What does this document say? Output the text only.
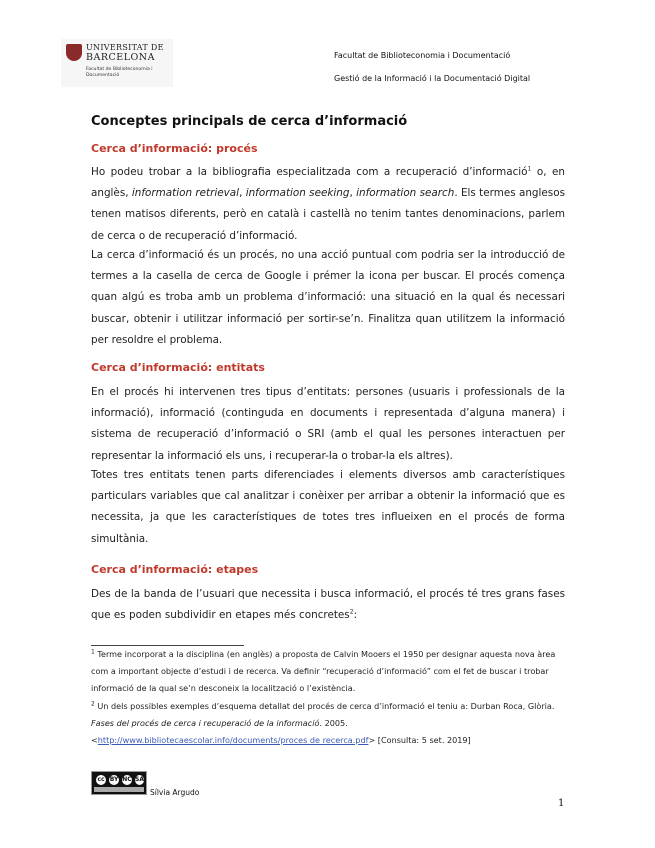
UNIVERSITAT DE
BARCELONA
Facultat de Biblioteconomia i Documentació
Facultat de Biblioteconomia i Documentació
Gestió de la Informació i la Documentació Digital
Conceptes principals de cerca d’informació
Cerca d’informació: procés

Ho podeu trobar a la bibliografia especialitzada com a recuperació d’informació$^1$ o, en anglès, information retrieval, information seeking, information search. Els termes anglesos tenen matisos diferents, però en català i castellà no tenim tantes denominacions, parlem de cerca o de recuperació d’informació.

La cerca d’informació és un procés, no una acció puntual com podria ser la introducció de termes a la casella de cerca de Google i prémer la icona per buscar. El procés comença quan algú es troba amb un problema d’informació: una situació en la qual és necessari buscar, obtenir i utilitzar informació per sortir-se’n. Finalitza quan utilitzem la informació per resoldre el problema.

Cerca d’informació: entitats

En el procés hi intervenen tres tipus d’entitats: persones (usuaris i professionals de la informació), informació (continguda en documents i representada d’alguna manera) i sistema de recuperació d’informació o SRI (amb el qual les persones interactuen per representar la informació els uns, i recuperar-la o trobar-la els altres).

Totes tres entitats tenen parts diferenciades i elements diversos amb característiques particulars variables que cal analitzar i conèixer per arribar a obtenir la informació que es necessita, ja que les característiques de totes tres influeixen en el procés de forma simultània.

Cerca d’informació: etapes

Des de la banda de l’usuari que necessita i busca informació, el procés té tres grans fases que es poden subdividir en etapes més concretes$^2$:

$^1$ Terme incorporat a la disciplina (en anglès) a proposta de Calvin Mooers el 1950 per designar aquesta nova àrea com a important objecte d’estudi i de recerca. Va definir “recuperació d’informació” com el fet de buscar i trobar informació de la qual se’n desconeix la localització o l’existència.

$^2$ Un dels possibles exemples d’esquema detallat del procés de cerca d’informació el teniu a: Durban Roca, Glòria. Fases del procés de cerca i recuperació de la informació. 2005.
<http://www.bibliotecaescolar.info/documents/proces de recerca.pdf> [Consulta: 5 set. 2019]

cc BY NC SA
Sílvia Argudo
1
